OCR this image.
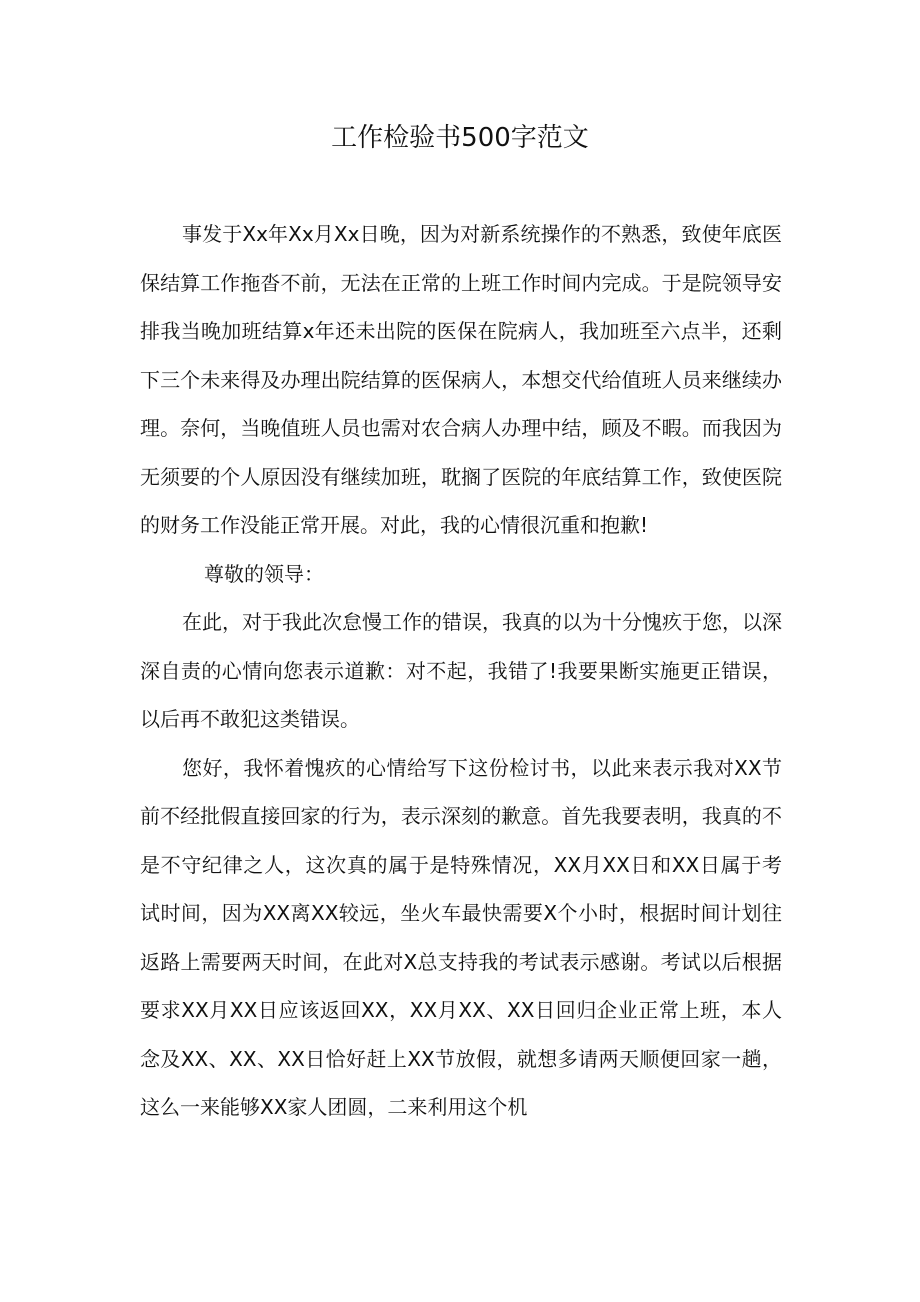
工作检验书500字范文

事发于Xx年Xx月Xx日晚，因为对新系统操作的不熟悉，致使年底医保结算工作拖沓不前，无法在正常的上班工作时间内完成。于是院领导安排我当晚加班结算x年还未出院的医保在院病人，我加班至六点半，还剩下三个未来得及办理出院结算的医保病人，本想交代给值班人员来继续办理。奈何，当晚值班人员也需对农合病人办理中结，顾及不暇。而我因为无须要的个人原因没有继续加班，耽搁了医院的年底结算工作，致使医院的财务工作没能正常开展。对此，我的心情很沉重和抱歉!

尊敬的领导：

在此，对于我此次怠慢工作的错误，我真的以为十分愧疚于您，以深深自责的心情向您表示道歉：对不起，我错了!我要果断实施更正错误，以后再不敢犯这类错误。

您好，我怀着愧疚的心情给写下这份检讨书，以此来表示我对XX节前不经批假直接回家的行为，表示深刻的歉意。首先我要表明，我真的不是不守纪律之人，这次真的属于是特殊情况，XX月XX日和XX日属于考试时间，因为XX离XX较远，坐火车最快需要X个小时，根据时间计划往返路上需要两天时间，在此对X总支持我的考试表示感谢。考试以后根据要求XX月XX日应该返回XX，XX月XX、XX日回归企业正常上班，本人念及XX、XX、XX日恰好赶上XX节放假，就想多请两天顺便回家一趟，这么一来能够XX家人团圆，二来利用这个机
